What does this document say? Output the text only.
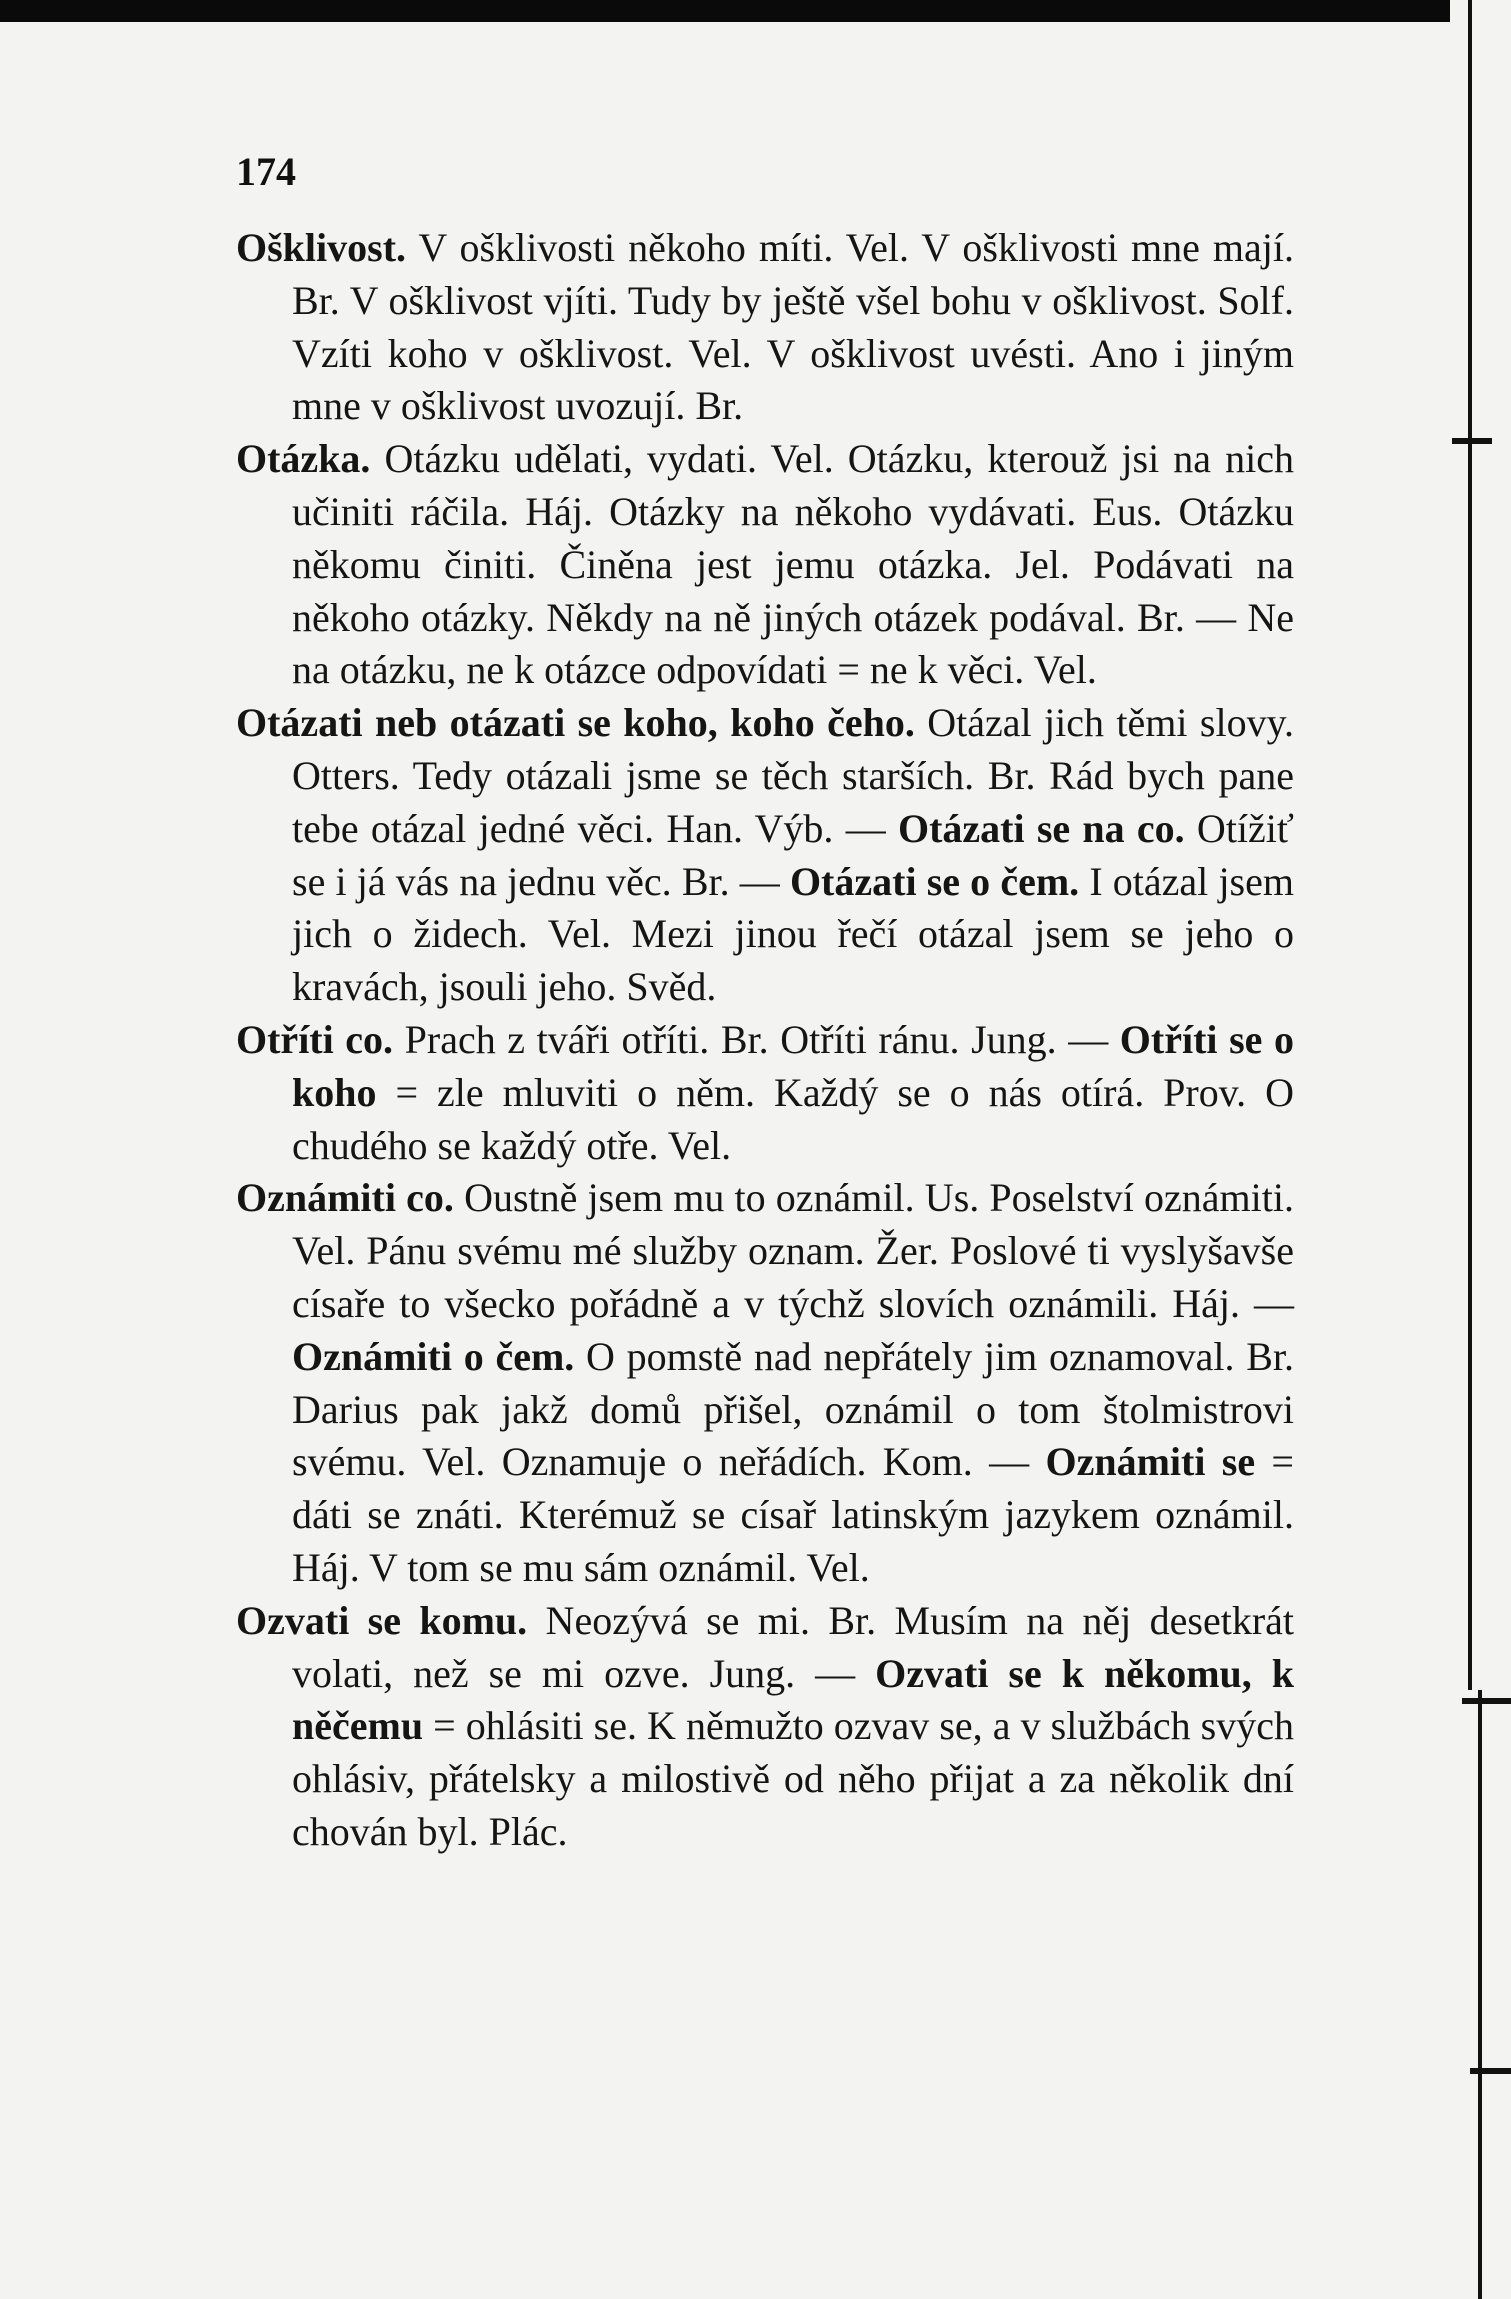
174

Ošklivost. V ošklivosti někoho míti. Vel. V ošklivosti mne mají. Br. V ošklivost vjíti. Tudy by ještě všel bohu v ošklivost. Solf. Vzíti koho v ošklivost. Vel. V ošklivost uvésti. Ano i jiným mne v ošklivost uvozují. Br.

Otázka. Otázku udělati, vydati. Vel. Otázku, kterouž jsi na nich učiniti ráčila. Háj. Otázky na někoho vydávati. Eus. Otázku někomu činiti. Činěna jest jemu otázka. Jel. Podávati na někoho otázky. Někdy na ně jiných otázek podával. Br. — Ne na otázku, ne k otázce odpovídati = ne k věci. Vel.

Otázati neb otázati se koho, koho čeho. Otázal jich těmi slovy. Otters. Tedy otázali jsme se těch starších. Br. Rád bych pane tebe otázal jedné věci. Han. Výb. — Otázati se na co. Otížiť se i já vás na jednu věc. Br. — Otázati se o čem. I otázal jsem jich o židech. Vel. Mezi jinou řečí otázal jsem se jeho o kravách, jsouli jeho. Svěd.

Otříti co. Prach z tváři otříti. Br. Otříti ránu. Jung. — Otříti se o koho = zle mluviti o něm. Každý se o nás otírá. Prov. O chudého se každý otře. Vel.

Oznámiti co. Oustně jsem mu to oznámil. Us. Poselství oznámiti. Vel. Pánu svému mé služby oznam. Žer. Poslové ti vyslyšavše císaře to všecko pořádně a v týchž slovích oznámili. Háj. — Oznámiti o čem. O pomstě nad nepřátely jim oznamoval. Br. Darius pak jakž domů přišel, oznámil o tom štolmistrovi svému. Vel. Oznamuje o neřádích. Kom. — Oznámiti se = dáti se znáti. Kterémuž se císař latinským jazykem oznámil. Háj. V tom se mu sám oznámil. Vel.

Ozvati se komu. Neozývá se mi. Br. Musím na něj desetkrát volati, než se mi ozve. Jung. — Ozvati se k někomu, k něčemu = ohlásiti se. K němužto ozvav se, a v službách svých ohlásiv, přátelsky a milostivě od něho přijat a za několik dní chován byl. Plác.
